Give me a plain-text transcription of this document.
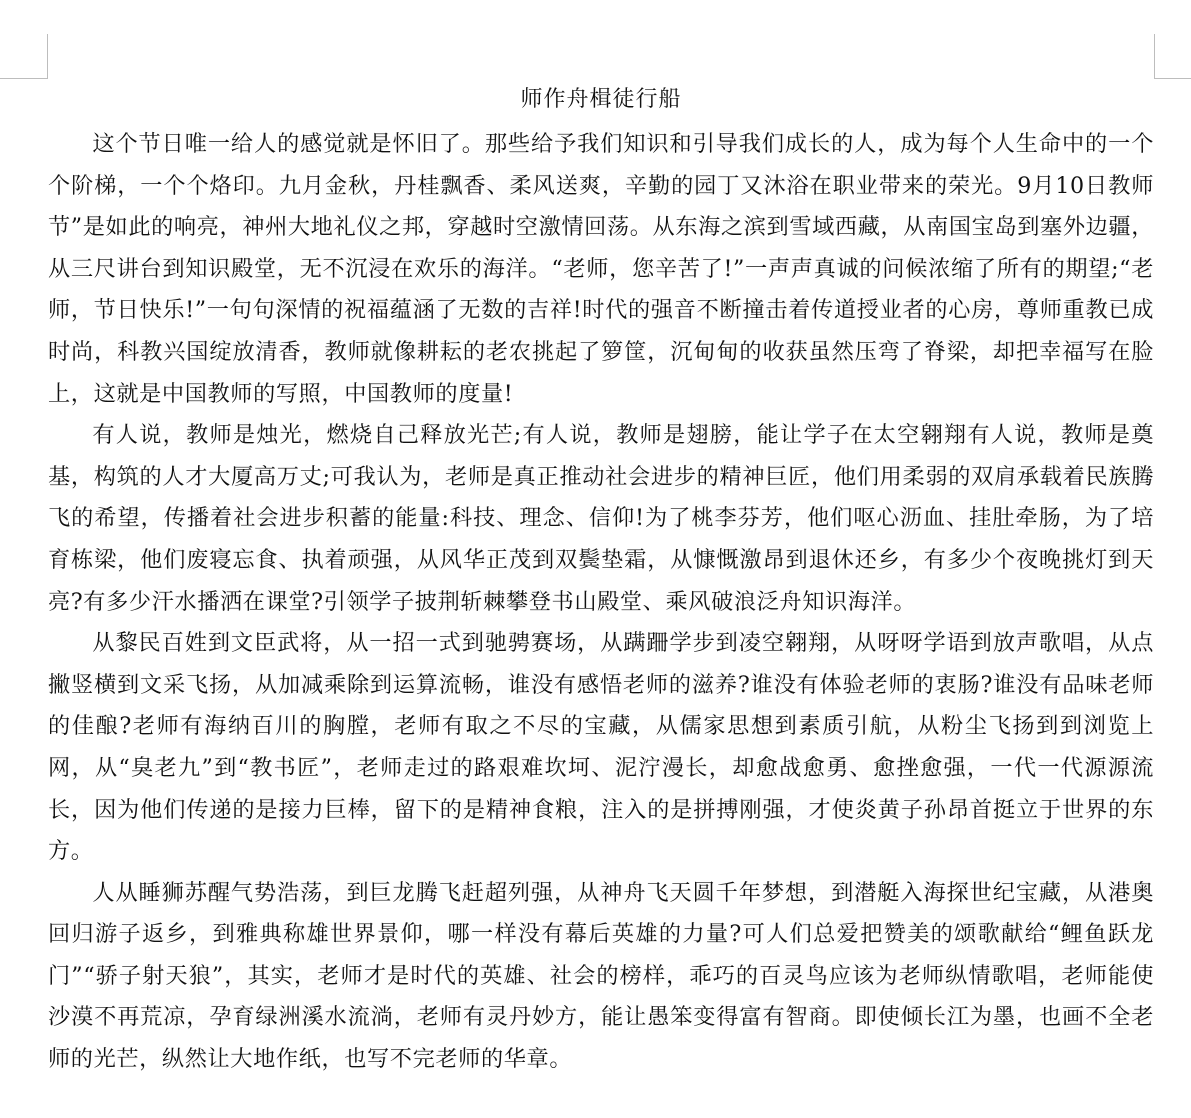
师作舟楫徒行船

这个节日唯一给人的感觉就是怀旧了。那些给予我们知识和引导我们成长的人，成为每个人生命中的一个个阶梯，一个个烙印。九月金秋，丹桂飘香、柔风送爽，辛勤的园丁又沐浴在职业带来的荣光。9月10日教师节”是如此的响亮，神州大地礼仪之邦，穿越时空激情回荡。从东海之滨到雪域西藏，从南国宝岛到塞外边疆，从三尺讲台到知识殿堂，无不沉浸在欢乐的海洋。“老师，您辛苦了!”一声声真诚的问候浓缩了所有的期望;“老师，节日快乐!”一句句深情的祝福蕴涵了无数的吉祥!时代的强音不断撞击着传道授业者的心房，尊师重教已成时尚，科教兴国绽放清香，教师就像耕耘的老农挑起了箩筐，沉甸甸的收获虽然压弯了脊梁，却把幸福写在脸上，这就是中国教师的写照，中国教师的度量!

有人说，教师是烛光，燃烧自己释放光芒;有人说，教师是翅膀，能让学子在太空翱翔有人说，教师是奠基，构筑的人才大厦高万丈;可我认为，老师是真正推动社会进步的精神巨匠，他们用柔弱的双肩承载着民族腾飞的希望，传播着社会进步积蓄的能量:科技、理念、信仰!为了桃李芬芳，他们呕心沥血、挂肚牵肠，为了培育栋梁，他们废寝忘食、执着顽强，从风华正茂到双鬓垫霜，从慷慨激昂到退休还乡，有多少个夜晚挑灯到天亮?有多少汗水播洒在课堂?引领学子披荆斩棘攀登书山殿堂、乘风破浪泛舟知识海洋。

从黎民百姓到文臣武将，从一招一式到驰骋赛场，从蹒跚学步到凌空翱翔，从呀呀学语到放声歌唱，从点撇竖横到文采飞扬，从加减乘除到运算流畅，谁没有感悟老师的滋养?谁没有体验老师的衷肠?谁没有品味老师的佳酿?老师有海纳百川的胸膛，老师有取之不尽的宝藏，从儒家思想到素质引航，从粉尘飞扬到到浏览上网，从“臭老九”到“教书匠”，老师走过的路艰难坎坷、泥泞漫长，却愈战愈勇、愈挫愈强，一代一代源源流长，因为他们传递的是接力巨棒，留下的是精神食粮，注入的是拼搏刚强，才使炎黄子孙昂首挺立于世界的东方。

人从睡狮苏醒气势浩荡，到巨龙腾飞赶超列强，从神舟飞天圆千年梦想，到潜艇入海探世纪宝藏，从港奥回归游子返乡，到雅典称雄世界景仰，哪一样没有幕后英雄的力量?可人们总爱把赞美的颂歌献给“鲤鱼跃龙门”“骄子射天狼”，其实，老师才是时代的英雄、社会的榜样，乖巧的百灵鸟应该为老师纵情歌唱，老师能使沙漠不再荒凉，孕育绿洲溪水流淌，老师有灵丹妙方，能让愚笨变得富有智商。即使倾长江为墨，也画不全老师的光芒，纵然让大地作纸，也写不完老师的华章。
